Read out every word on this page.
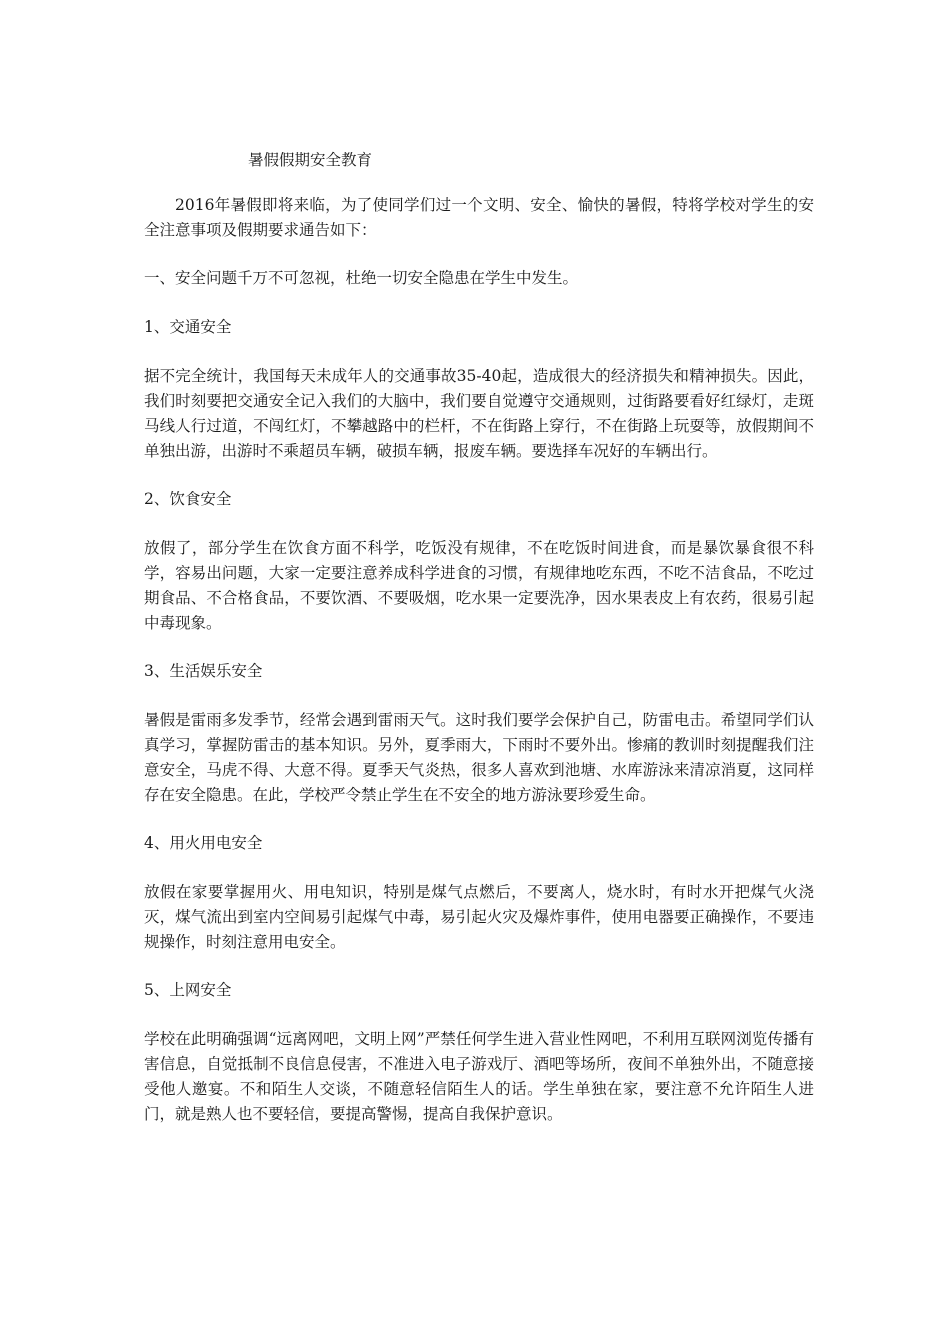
暑假假期安全教育

2016年暑假即将来临，为了使同学们过一个文明、安全、愉快的暑假，特将学校对学生的安全注意事项及假期要求通告如下：

一、安全问题千万不可忽视，杜绝一切安全隐患在学生中发生。

1、交通安全

据不完全统计，我国每天未成年人的交通事故35-40起，造成很大的经济损失和精神损失。因此，我们时刻要把交通安全记入我们的大脑中，我们要自觉遵守交通规则，过街路要看好红绿灯，走斑马线人行过道，不闯红灯，不攀越路中的栏杆，不在街路上穿行，不在街路上玩耍等，放假期间不单独出游，出游时不乘超员车辆，破损车辆，报废车辆。要选择车况好的车辆出行。

2、饮食安全

放假了，部分学生在饮食方面不科学，吃饭没有规律，不在吃饭时间进食，而是暴饮暴食很不科学，容易出问题，大家一定要注意养成科学进食的习惯，有规律地吃东西，不吃不洁食品，不吃过期食品、不合格食品，不要饮酒、不要吸烟，吃水果一定要洗净，因水果表皮上有农药，很易引起中毒现象。

3、生活娱乐安全

暑假是雷雨多发季节，经常会遇到雷雨天气。这时我们要学会保护自己，防雷电击。希望同学们认真学习，掌握防雷击的基本知识。另外，夏季雨大，下雨时不要外出。惨痛的教训时刻提醒我们注意安全，马虎不得、大意不得。夏季天气炎热，很多人喜欢到池塘、水库游泳来清凉消夏，这同样存在安全隐患。在此，学校严令禁止学生在不安全的地方游泳要珍爱生命。

4、用火用电安全

放假在家要掌握用火、用电知识，特别是煤气点燃后，不要离人，烧水时，有时水开把煤气火浇灭，煤气流出到室内空间易引起煤气中毒，易引起火灾及爆炸事件，使用电器要正确操作，不要违规操作，时刻注意用电安全。

5、上网安全

学校在此明确强调“远离网吧，文明上网”严禁任何学生进入营业性网吧，不利用互联网浏览传播有害信息，自觉抵制不良信息侵害，不准进入电子游戏厅、酒吧等场所，夜间不单独外出，不随意接受他人邀宴。不和陌生人交谈，不随意轻信陌生人的话。学生单独在家，要注意不允许陌生人进门，就是熟人也不要轻信，要提高警惕，提高自我保护意识。
